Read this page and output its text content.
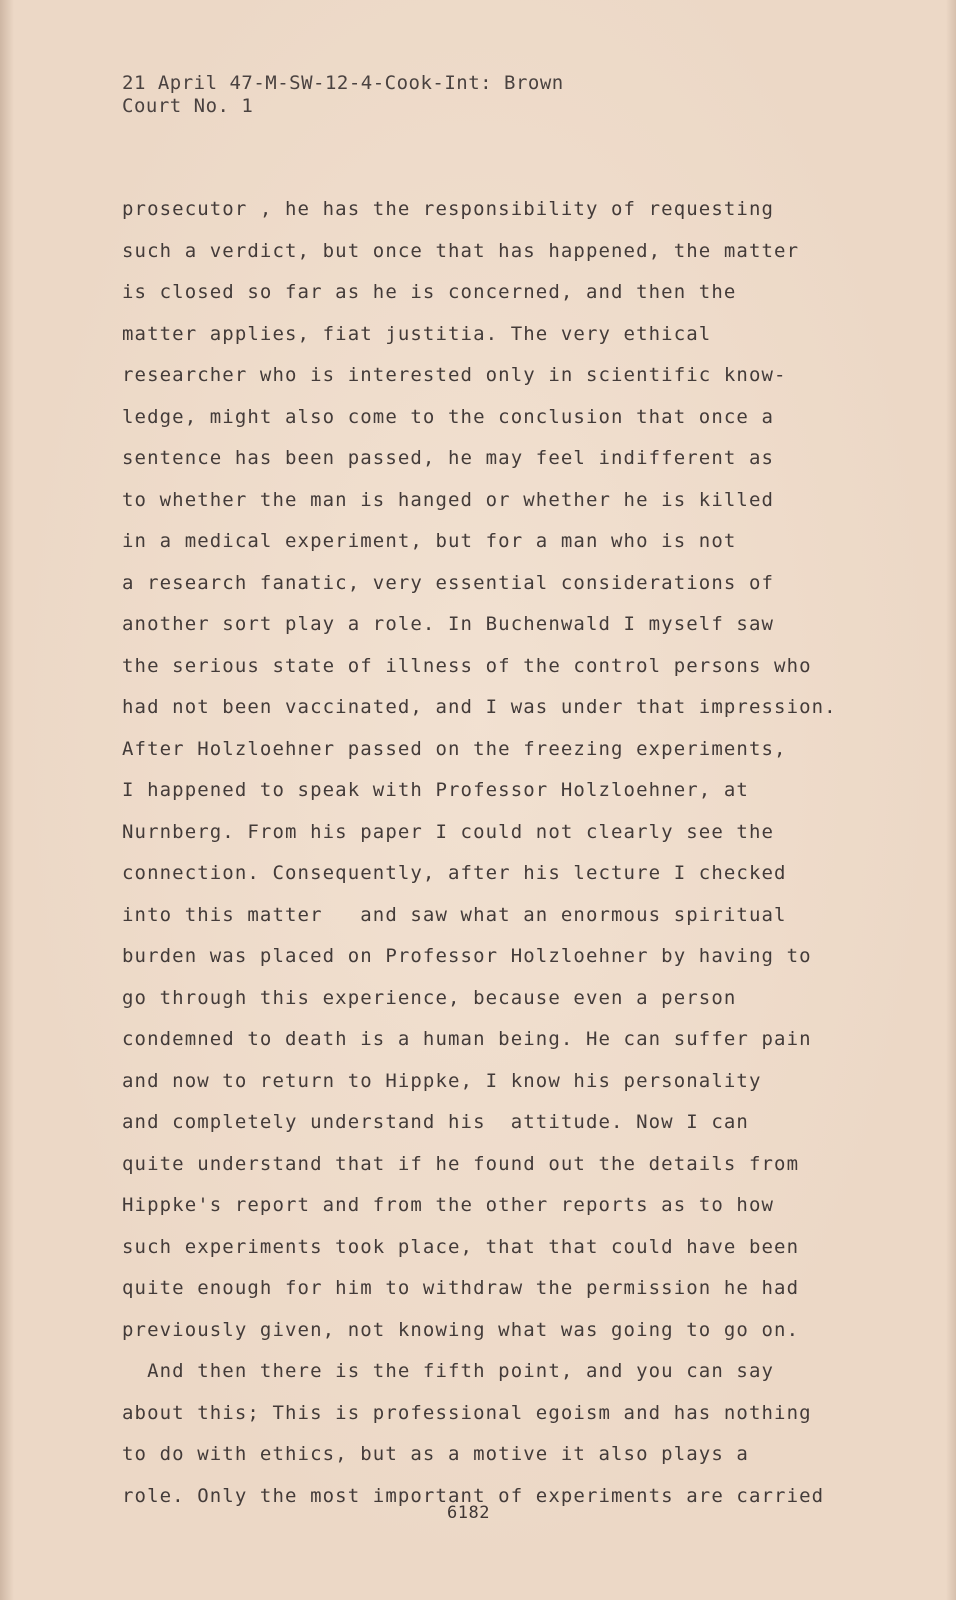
21 April 47-M-SW-12-4-Cook-Int: Brown
Court No. 1
prosecutor , he has the responsibility of requesting
such a verdict, but once that has happened, the matter
is closed so far as he is concerned, and then the
matter applies, fiat justitia. The very ethical
researcher who is interested only in scientific know-
ledge, might also come to the conclusion that once a
sentence has been passed, he may feel indifferent as
to whether the man is hanged or whether he is killed
in a medical experiment, but for a man who is not
a research fanatic, very essential considerations of
another sort play a role. In Buchenwald I myself saw
the serious state of illness of the control persons who
had not been vaccinated, and I was under that impression.
After Holzloehner passed on the freezing experiments,
I happened to speak with Professor Holzloehner, at
Nurnberg. From his paper I could not clearly see the
connection. Consequently, after his lecture I checked
into this matter   and saw what an enormous spiritual
burden was placed on Professor Holzloehner by having to
go through this experience, because even a person
condemned to death is a human being. He can suffer pain
and now to return to Hippke, I know his personality
and completely understand his  attitude. Now I can
quite understand that if he found out the details from
Hippke's report and from the other reports as to how
such experiments took place, that that could have been
quite enough for him to withdraw the permission he had
previously given, not knowing what was going to go on.
And then there is the fifth point, and you can say
about this; This is professional egoism and has nothing
to do with ethics, but as a motive it also plays a
role. Only the most important of experiments are carried
6182
